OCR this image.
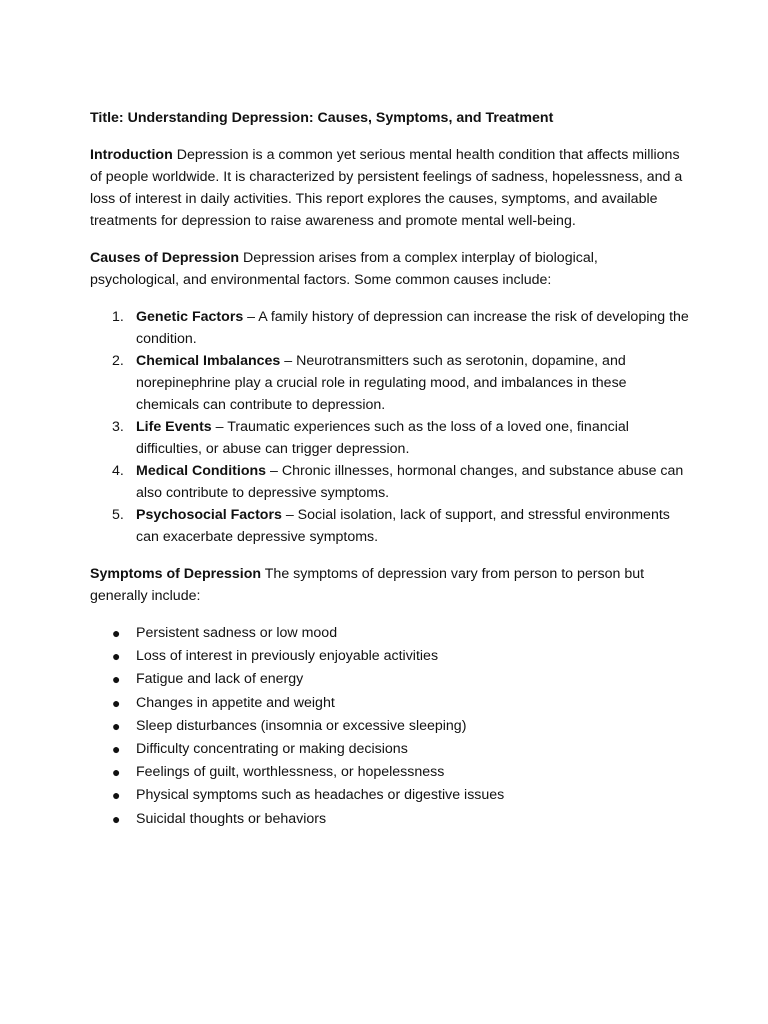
Title: Understanding Depression: Causes, Symptoms, and Treatment

Introduction Depression is a common yet serious mental health condition that affects millions of people worldwide. It is characterized by persistent feelings of sadness, hopelessness, and a loss of interest in daily activities. This report explores the causes, symptoms, and available treatments for depression to raise awareness and promote mental well-being.

Causes of Depression Depression arises from a complex interplay of biological, psychological, and environmental factors. Some common causes include:

1. Genetic Factors – A family history of depression can increase the risk of developing the condition.
2. Chemical Imbalances – Neurotransmitters such as serotonin, dopamine, and norepinephrine play a crucial role in regulating mood, and imbalances in these chemicals can contribute to depression.
3. Life Events – Traumatic experiences such as the loss of a loved one, financial difficulties, or abuse can trigger depression.
4. Medical Conditions – Chronic illnesses, hormonal changes, and substance abuse can also contribute to depressive symptoms.
5. Psychosocial Factors – Social isolation, lack of support, and stressful environments can exacerbate depressive symptoms.

Symptoms of Depression The symptoms of depression vary from person to person but generally include:

● Persistent sadness or low mood
● Loss of interest in previously enjoyable activities
● Fatigue and lack of energy
● Changes in appetite and weight
● Sleep disturbances (insomnia or excessive sleeping)
● Difficulty concentrating or making decisions
● Feelings of guilt, worthlessness, or hopelessness
● Physical symptoms such as headaches or digestive issues
● Suicidal thoughts or behaviors
